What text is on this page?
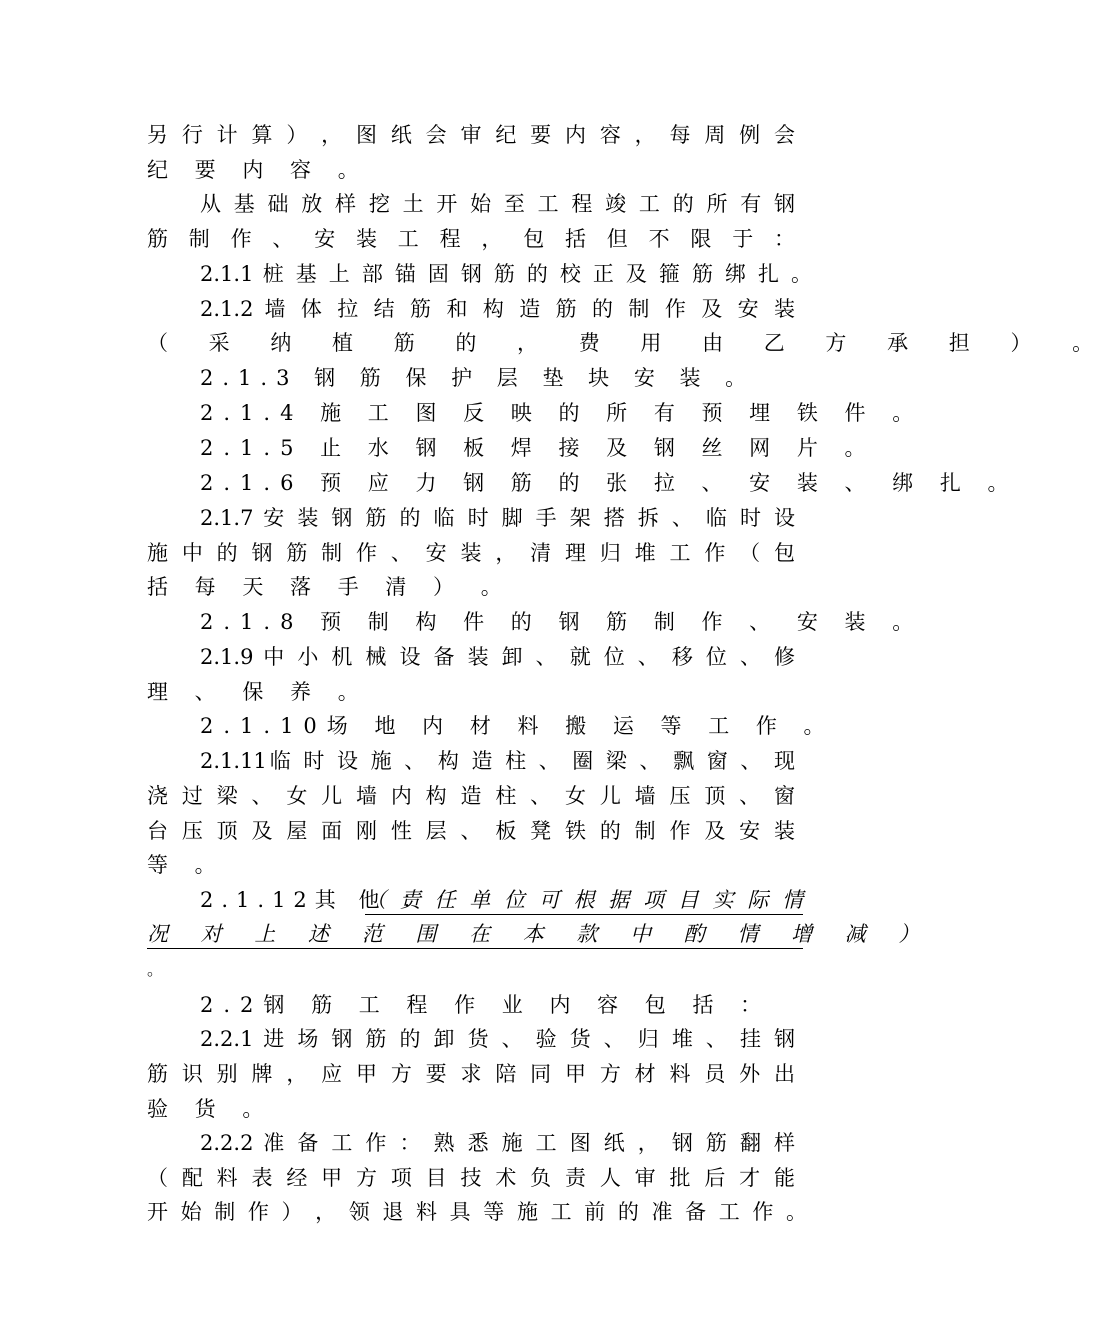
另 行 计 算 ） ， 图 纸 会 审 纪 要 内 容 ， 每 周 例 会
纪 要 内 容 。
从 基 础 放 样 挖 土 开 始 至 工 程 竣 工 的 所 有 钢
筋 制 作 、 安 装 工 程 ， 包 括 但 不 限 于 ：
2.1.1 桩 基 上 部 锚 固 钢 筋 的 校 正 及 箍 筋 绑 扎 。
2.1.2 墙 体 拉 结 筋 和 构 造 筋 的 制 作 及 安 装
（ 采 纳 植 筋 的 ， 费 用 由 乙 方 承 担 ） 。
2.1.3 钢 筋 保 护 层 垫 块 安 装 。
2.1.4 施 工 图 反 映 的 所 有 预 埋 铁 件 。
2.1.5 止 水 钢 板 焊 接 及 钢 丝 网 片 。
2.1.6 预 应 力 钢 筋 的 张 拉 、 安 装 、 绑 扎 。
2.1.7 安 装 钢 筋 的 临 时 脚 手 架 搭 拆 、 临 时 设
施 中 的 钢 筋 制 作 、 安 装 ， 清 理 归 堆 工 作 （ 包
括 每 天 落 手 清 ） 。
2.1.8 预 制 构 件 的 钢 筋 制 作 、 安 装 。
2.1.9 中 小 机 械 设 备 装 卸 、 就 位 、 移 位 、 修
理 、 保 养 。
2.1.10场 地 内 材 料 搬 运 等 工 作 。
2.1.11临 时 设 施 、 构 造 柱 、 圈 梁 、 飘 窗 、 现
浇 过 梁 、 女 儿 墙 内 构 造 柱 、 女 儿 墙 压 顶 、 窗
台 压 顶 及 屋 面 刚 性 层 、 板 凳 铁 的 制 作 及 安 装
等 。
2.1.12其 他 ：
（ 责 任 单 位 可 根 据 项 目 实 际 情
况 对 上 述 范 围 在 本 款 中 酌 情 增 减 ）
。
2.2钢 筋 工 程 作 业 内 容 包 括 ：
2.2.1 进 场 钢 筋 的 卸 货 、 验 货 、 归 堆 、 挂 钢
筋 识 别 牌 ， 应 甲 方 要 求 陪 同 甲 方 材 料 员 外 出
验 货 。
2.2.2 准 备 工 作 ： 熟 悉 施 工 图 纸 ， 钢 筋 翻 样
（ 配 料 表 经 甲 方 项 目 技 术 负 责 人 审 批 后 才 能
开 始 制 作 ） ， 领 退 料 具 等 施 工 前 的 准 备 工 作 。
